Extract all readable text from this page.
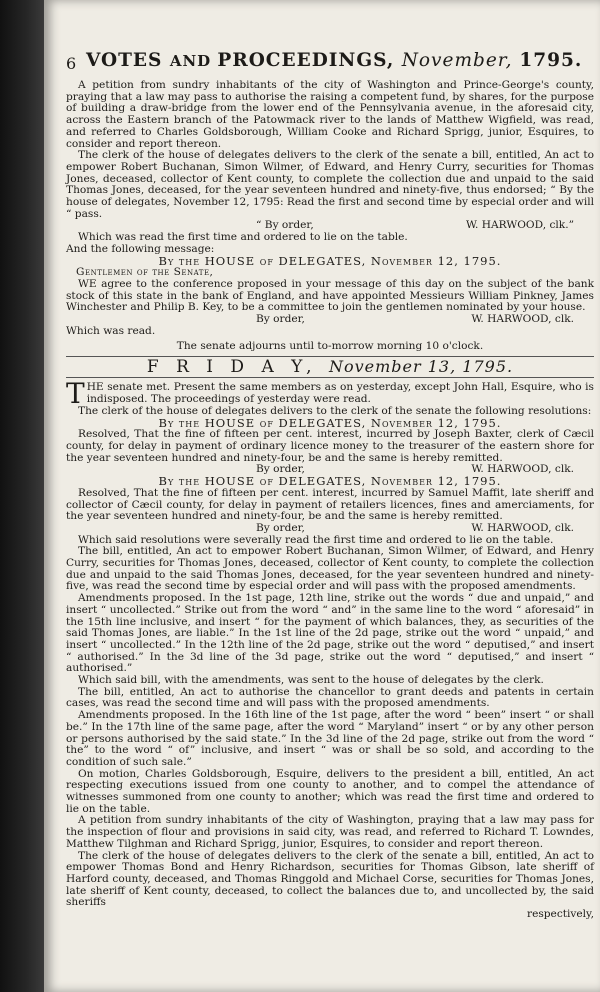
6 VOTES AND PROCEEDINGS, November, 1795.

A petition from sundry inhabitants of the city of Washington and Prince-George's county, praying that a law may pass to authorise the raising a competent fund, by shares, for the purpose of building a draw-bridge from the lower end of the Pennsylvania avenue, in the aforesaid city, across the Eastern branch of the Patowmack river to the lands of Matthew Wigfield, was read, and referred to Charles Goldsborough, William Cooke and Richard Sprigg, junior, Esquires, to consider and report thereon.

The clerk of the house of delegates delivers to the clerk of the senate a bill, entitled, An act to empower Robert Buchanan, Simon Wilmer, of Edward, and Henry Curry, securities for Thomas Jones, deceased, collector of Kent county, to complete the collection due and unpaid to the said Thomas Jones, deceased, for the year seventeen hundred and ninety-five, thus endorsed; “ By the house of delegates, November 12, 1795: Read the first and second time by especial order and will “ pass.

“ By order,	W. HARWOOD, clk.”

Which was read the first time and ordered to lie on the table.

And the following message:

By the HOUSE of DELEGATES, November 12, 1795.

Gentlemen of the Senate,

WE agree to the conference proposed in your message of this day on the subject of the bank stock of this state in the bank of England, and have appointed Messieurs William Pinkney, James Winchester and Philip B. Key, to be a committee to join the gentlemen nominated by your house.

By order,	W. HARWOOD, clk.

Which was read.

The senate adjourns until to-morrow morning 10 o'clock.

F R I D A Y, November 13, 1795.

THE senate met. Present the same members as on yesterday, except John Hall, Esquire, who is indisposed. The proceedings of yesterday were read.

The clerk of the house of delegates delivers to the clerk of the senate the following resolutions:

By the HOUSE of DELEGATES, November 12, 1795.

Resolved, That the fine of fifteen per cent. interest, incurred by Joseph Baxter, clerk of Cæcil county, for delay in payment of ordinary licence money to the treasurer of the eastern shore for the year seventeen hundred and ninety-four, be and the same is hereby remitted.

By order,	W. HARWOOD, clk.

By the HOUSE of DELEGATES, November 12, 1795.

Resolved, That the fine of fifteen per cent. interest, incurred by Samuel Maffit, late sheriff and collector of Cæcil county, for delay in payment of retailers licences, fines and amerciaments, for the year seventeen hundred and ninety-four, be and the same is hereby remitted.

By order,	W. HARWOOD, clk.

Which said resolutions were severally read the first time and ordered to lie on the table.

The bill, entitled, An act to empower Robert Buchanan, Simon Wilmer, of Edward, and Henry Curry, securities for Thomas Jones, deceased, collector of Kent county, to complete the collection due and unpaid to the said Thomas Jones, deceased, for the year seventeen hundred and ninety-five, was read the second time by especial order and will pass with the proposed amendments.

Amendments proposed. In the 1st page, 12th line, strike out the words “ due and unpaid,” and insert “ uncollected.” Strike out from the word “ and” in the same line to the word “ aforesaid” in the 15th line inclusive, and insert “ for the payment of which balances, they, as securities of the said Thomas Jones, are liable.” In the 1st line of the 2d page, strike out the word “ unpaid,” and insert “ uncollected.” In the 12th line of the 2d page, strike out the word “ deputised,” and insert “ authorised.” In the 3d line of the 3d page, strike out the word “ deputised,” and insert “ authorised.”

Which said bill, with the amendments, was sent to the house of delegates by the clerk.

The bill, entitled, An act to authorise the chancellor to grant deeds and patents in certain cases, was read the second time and will pass with the proposed amendments.

Amendments proposed. In the 16th line of the 1st page, after the word “ been” insert “ or shall be.” In the 17th line of the same page, after the word “ Maryland” insert “ or by any other person or persons authorised by the said state.” In the 3d line of the 2d page, strike out from the word “ the” to the word “ of” inclusive, and insert “ was or shall be so sold, and according to the condition of such sale.”

On motion, Charles Goldsborough, Esquire, delivers to the president a bill, entitled, An act respecting executions issued from one county to another, and to compel the attendance of witnesses summoned from one county to another; which was read the first time and ordered to lie on the table.

A petition from sundry inhabitants of the city of Washington, praying that a law may pass for the inspection of flour and provisions in said city, was read, and referred to Richard T. Lowndes, Matthew Tilghman and Richard Sprigg, junior, Esquires, to consider and report thereon.

The clerk of the house of delegates delivers to the clerk of the senate a bill, entitled, An act to empower Thomas Bond and Henry Richardson, securities for Thomas Gibson, late sheriff of Harford county, deceased, and Thomas Ringgold and Michael Corse, securities for Thomas Jones, late sheriff of Kent county, deceased, to collect the balances due to, and uncollected by, the said sheriffs

respectively,
